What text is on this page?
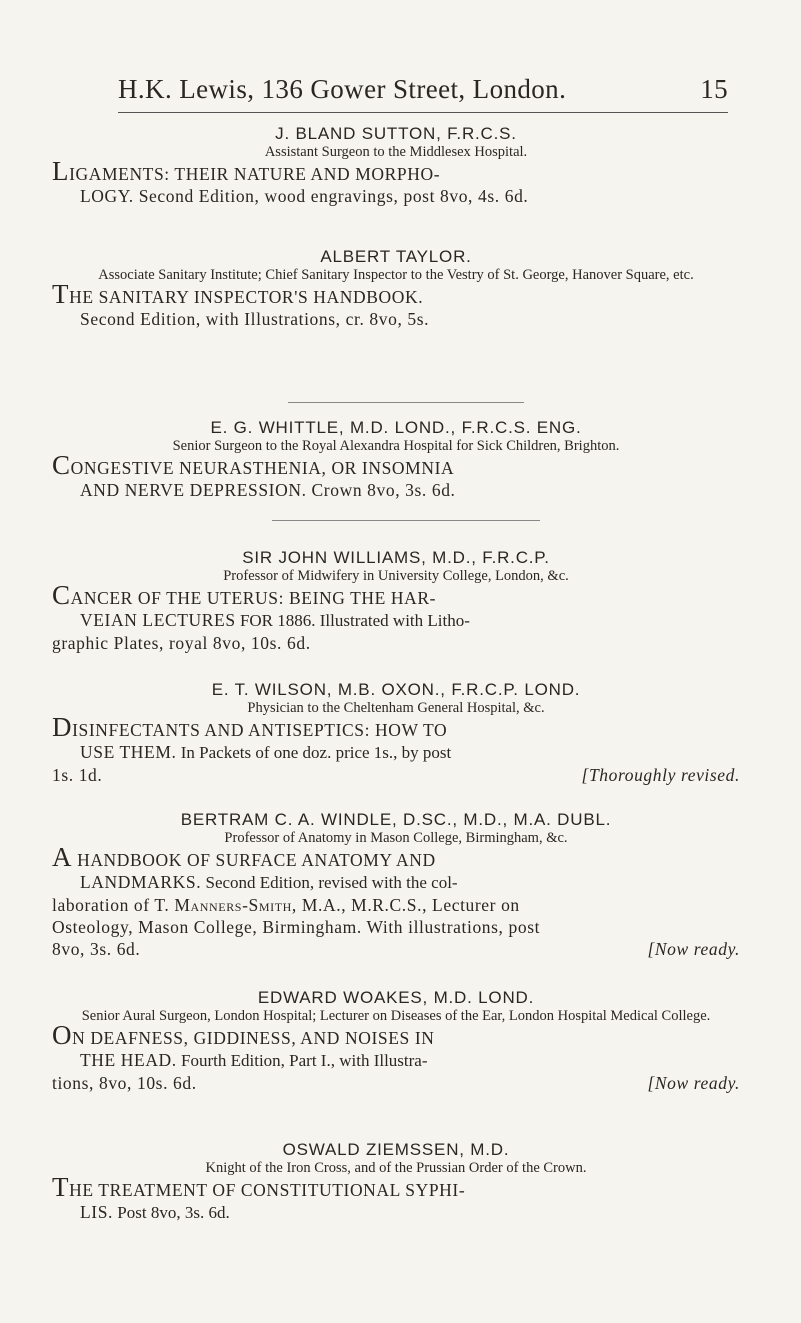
H.K. Lewis, 136 Gower Street, London.	15
J. BLAND SUTTON, F.R.C.S.
Assistant Surgeon to the Middlesex Hospital.
LIGAMENTS: THEIR NATURE AND MORPHO-
LOGY. Second Edition, wood engravings, post 8vo, 4s. 6d.
ALBERT TAYLOR.
Associate Sanitary Institute; Chief Sanitary Inspector to the Vestry of St. George, Hanover Square, etc.
THE SANITARY INSPECTOR'S HANDBOOK.
Second Edition, with Illustrations, cr. 8vo, 5s.
E. G. WHITTLE, M.D. LOND., F.R.C.S. ENG.
Senior Surgeon to the Royal Alexandra Hospital for Sick Children, Brighton.
CONGESTIVE NEURASTHENIA, OR INSOMNIA
AND NERVE DEPRESSION. Crown 8vo, 3s. 6d.
SIR JOHN WILLIAMS, M.D., F.R.C.P.
Professor of Midwifery in University College, London, &c.
CANCER OF THE UTERUS: BEING THE HAR-
VEIAN LECTURES FOR 1886. Illustrated with Litho-
graphic Plates, royal 8vo, 10s. 6d.
E. T. WILSON, M.B. OXON., F.R.C.P. LOND.
Physician to the Cheltenham General Hospital, &c.
DISINFECTANTS AND ANTISEPTICS: HOW TO
USE THEM. In Packets of one doz. price 1s., by post
1s. 1d.	[Thoroughly revised.
BERTRAM C. A. WINDLE, D.SC., M.D., M.A. DUBL.
Professor of Anatomy in Mason College, Birmingham, &c.
A HANDBOOK OF SURFACE ANATOMY AND
LANDMARKS. Second Edition, revised with the col-
laboration of T. Manners-Smith, M.A., M.R.C.S., Lecturer on
Osteology, Mason College, Birmingham. With illustrations, post
8vo, 3s. 6d.	[Now ready.
EDWARD WOAKES, M.D. LOND.
Senior Aural Surgeon, London Hospital; Lecturer on Diseases of the Ear, London Hospital Medical College.
ON DEAFNESS, GIDDINESS, AND NOISES IN
THE HEAD. Fourth Edition, Part I., with Illustra-
tions, 8vo, 10s. 6d.	[Now ready.
OSWALD ZIEMSSEN, M.D.
Knight of the Iron Cross, and of the Prussian Order of the Crown.
THE TREATMENT OF CONSTITUTIONAL SYPHI-
LIS. Post 8vo, 3s. 6d.
